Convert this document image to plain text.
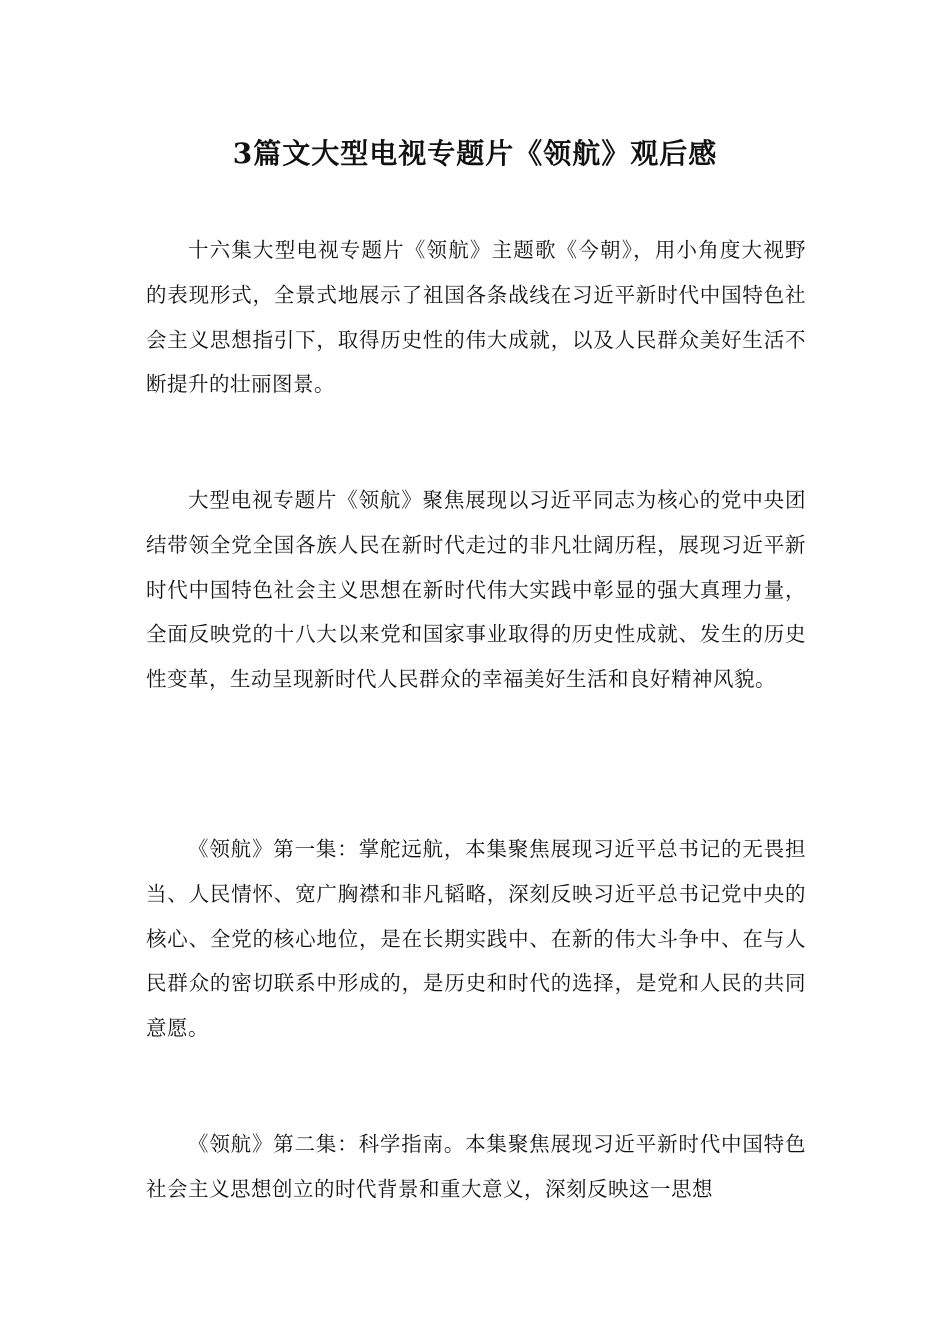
3篇文大型电视专题片《领航》观后感

十六集大型电视专题片《领航》主题歌《今朝》，用小角度大视野的表现形式，全景式地展示了祖国各条战线在习近平新时代中国特色社会主义思想指引下，取得历史性的伟大成就，以及人民群众美好生活不断提升的壮丽图景。

大型电视专题片《领航》聚焦展现以习近平同志为核心的党中央团结带领全党全国各族人民在新时代走过的非凡壮阔历程，展现习近平新时代中国特色社会主义思想在新时代伟大实践中彰显的强大真理力量，全面反映党的十八大以来党和国家事业取得的历史性成就、发生的历史性变革，生动呈现新时代人民群众的幸福美好生活和良好精神风貌。

《领航》第一集：掌舵远航，本集聚焦展现习近平总书记的无畏担当、人民情怀、宽广胸襟和非凡韬略，深刻反映习近平总书记党中央的核心、全党的核心地位，是在长期实践中、在新的伟大斗争中、在与人民群众的密切联系中形成的，是历史和时代的选择，是党和人民的共同意愿。

《领航》第二集：科学指南。本集聚焦展现习近平新时代中国特色社会主义思想创立的时代背景和重大意义，深刻反映这一思想
